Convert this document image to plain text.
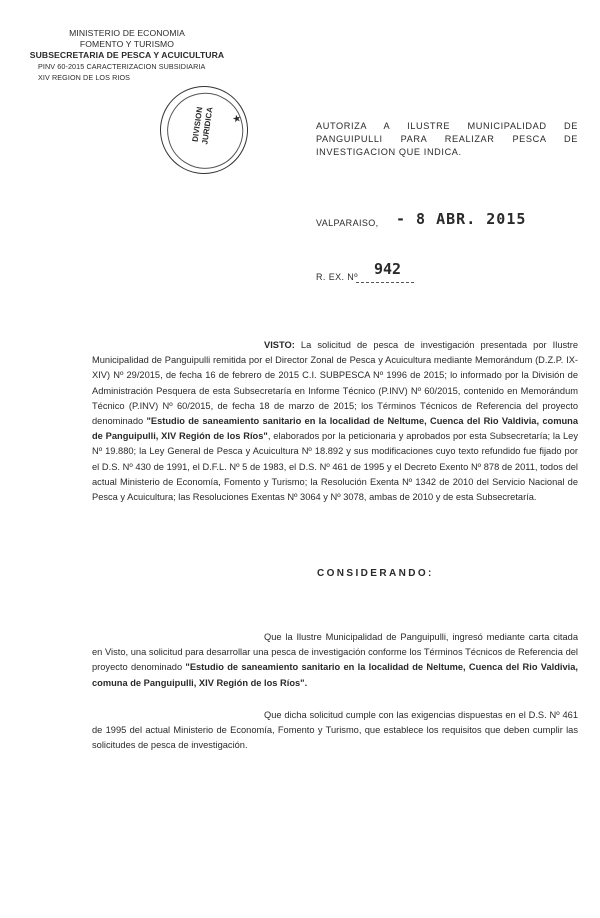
MINISTERIO DE ECONOMIA
FOMENTO Y TURISMO
SUBSECRETARIA DE PESCA Y ACUICULTURA
PINV 60-2015 CARACTERIZACION SUBSIDIARIA
XIV REGION DE LOS RIOS
DIVISION
JURIDICA ★
AUTORIZA A ILUSTRE MUNICIPALIDAD DE PANGUIPULLI PARA REALIZAR PESCA DE INVESTIGACION QUE INDICA.
VALPARAISO, - 8 ABR. 2015
R. EX. Nº 942
VISTO: La solicitud de pesca de investigación presentada por Ilustre Municipalidad de Panguipulli remitida por el Director Zonal de Pesca y Acuicultura mediante Memorándum (D.Z.P. IX-XIV) Nº 29/2015, de fecha 16 de febrero de 2015 C.I. SUBPESCA Nº 1996 de 2015; lo informado por la División de Administración Pesquera de esta Subsecretaría en Informe Técnico (P.INV) Nº 60/2015, contenido en Memorándum Técnico (P.INV) Nº 60/2015, de fecha 18 de marzo de 2015; los Términos Técnicos de Referencia del proyecto denominado "Estudio de saneamiento sanitario en la localidad de Neltume, Cuenca del Rio Valdivia, comuna de Panguipulli, XIV Región de los Ríos", elaborados por la peticionaria y aprobados por esta Subsecretaría; la Ley Nº 19.880; la Ley General de Pesca y Acuicultura Nº 18.892 y sus modificaciones cuyo texto refundido fue fijado por el D.S. Nº 430 de 1991, el D.F.L. Nº 5 de 1983, el D.S. Nº 461 de 1995 y el Decreto Exento Nº 878 de 2011, todos del actual Ministerio de Economía, Fomento y Turismo; la Resolución Exenta Nº 1342 de 2010 del Servicio Nacional de Pesca y Acuicultura; las Resoluciones Exentas Nº 3064 y Nº 3078, ambas de 2010 y de esta Subsecretaría.
CONSIDERANDO:
Que la Ilustre Municipalidad de Panguipulli, ingresó mediante carta citada en Visto, una solicitud para desarrollar una pesca de investigación conforme los Términos Técnicos de Referencia del proyecto denominado "Estudio de saneamiento sanitario en la localidad de Neltume, Cuenca del Rio Valdivia, comuna de Panguipulli, XIV Región de los Ríos".
Que dicha solicitud cumple con las exigencias dispuestas en el D.S. Nº 461 de 1995 del actual Ministerio de Economía, Fomento y Turismo, que establece los requisitos que deben cumplir las solicitudes de pesca de investigación.
